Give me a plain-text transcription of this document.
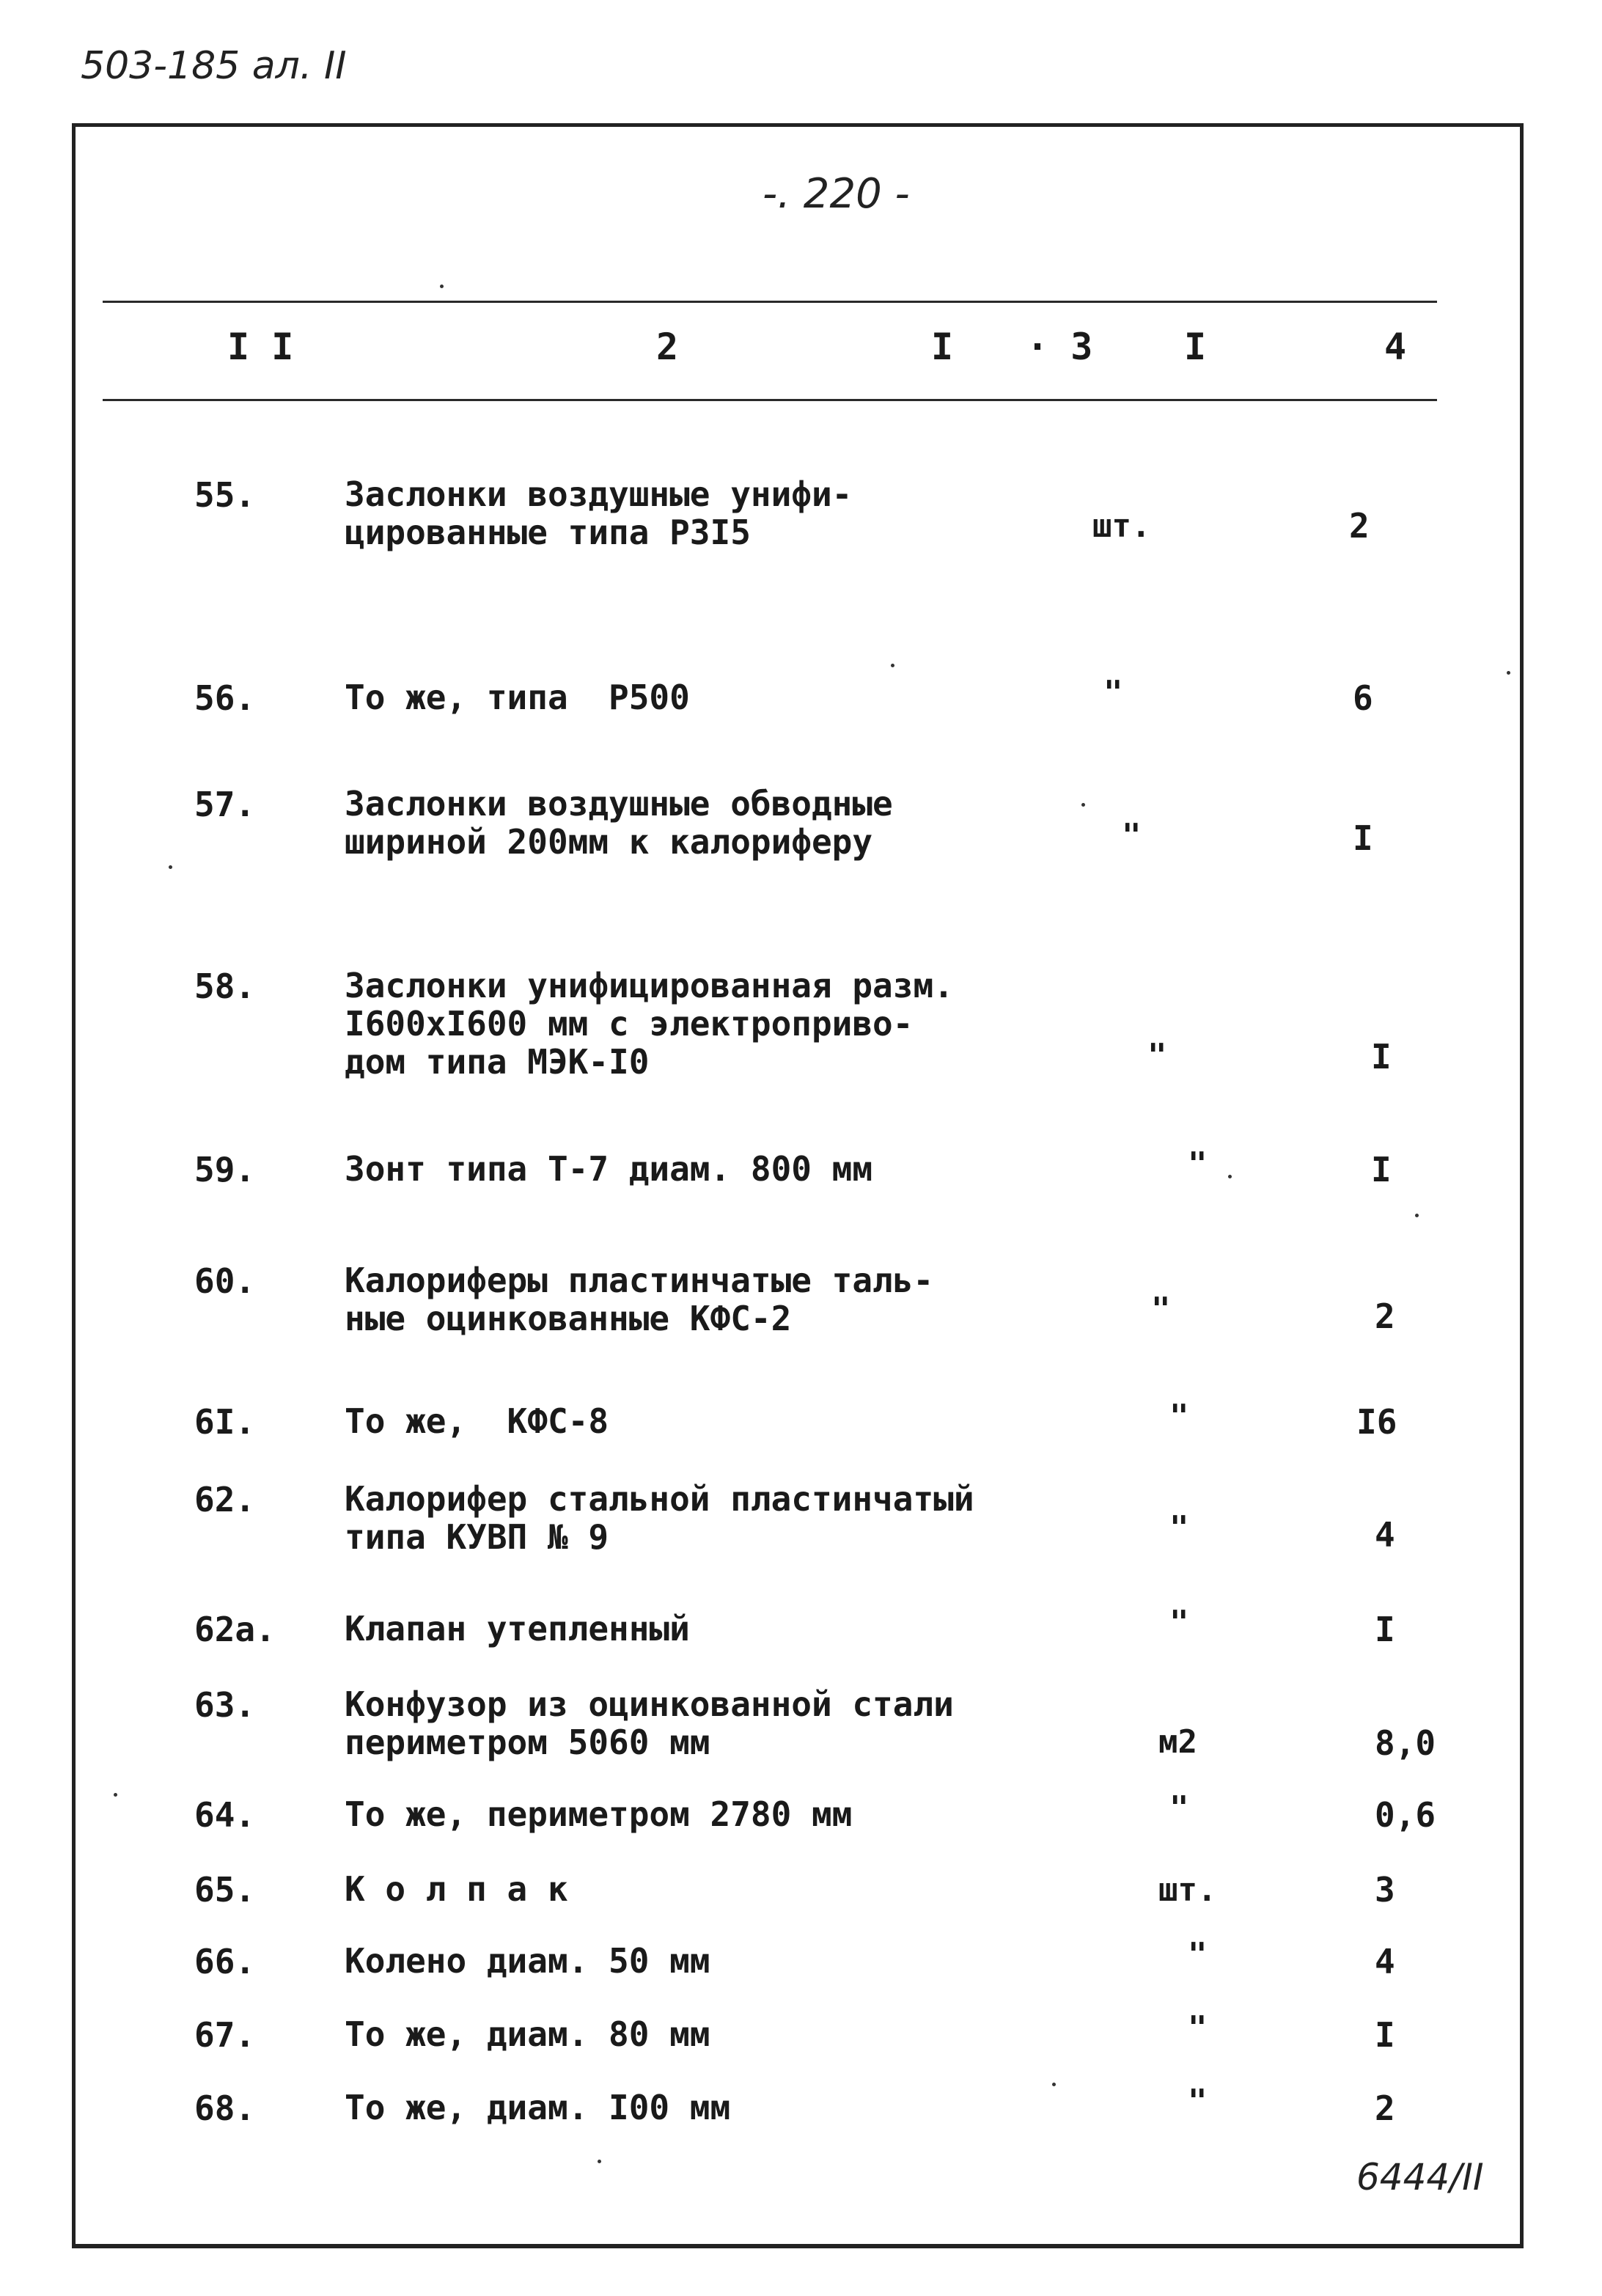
503-185 ал. II
-. 220 -
I I	2	I · 3 I	4
55.	Заслонки воздушные унифи-
цированные типа РЗI5	шт.	2
56.	То же, типа  Р500	"	6
57.	Заслонки воздушные обводные
шириной 200мм к калориферу	"	I
58.	Заслонки унифицированная разм.
I600xI600 мм с электроприво-
дом типа МЭК-I0	"	I
59.	Зонт типа Т-7 диам. 800 мм	"	I
60.	Калориферы пластинчатые таль-
ные оцинкованные КФС-2	"	2
6I.	То же,  КФС-8	"	I6
62.	Калорифер стальной пластинчатый
типа КУВП № 9	"	4
62а. Клапан утепленный	"	I
63.	Конфузор из оцинкованной стали
периметром 5060 мм	м2	8,0
64.	То же, периметром 2780 мм	"	0,6
65.	К о л п а к	шт.	3
66.	Колено диам. 50 мм	"	4
67.	То же, диам. 80 мм	"	I
68.	То же, диам. I00 мм	"	2
6444/II
